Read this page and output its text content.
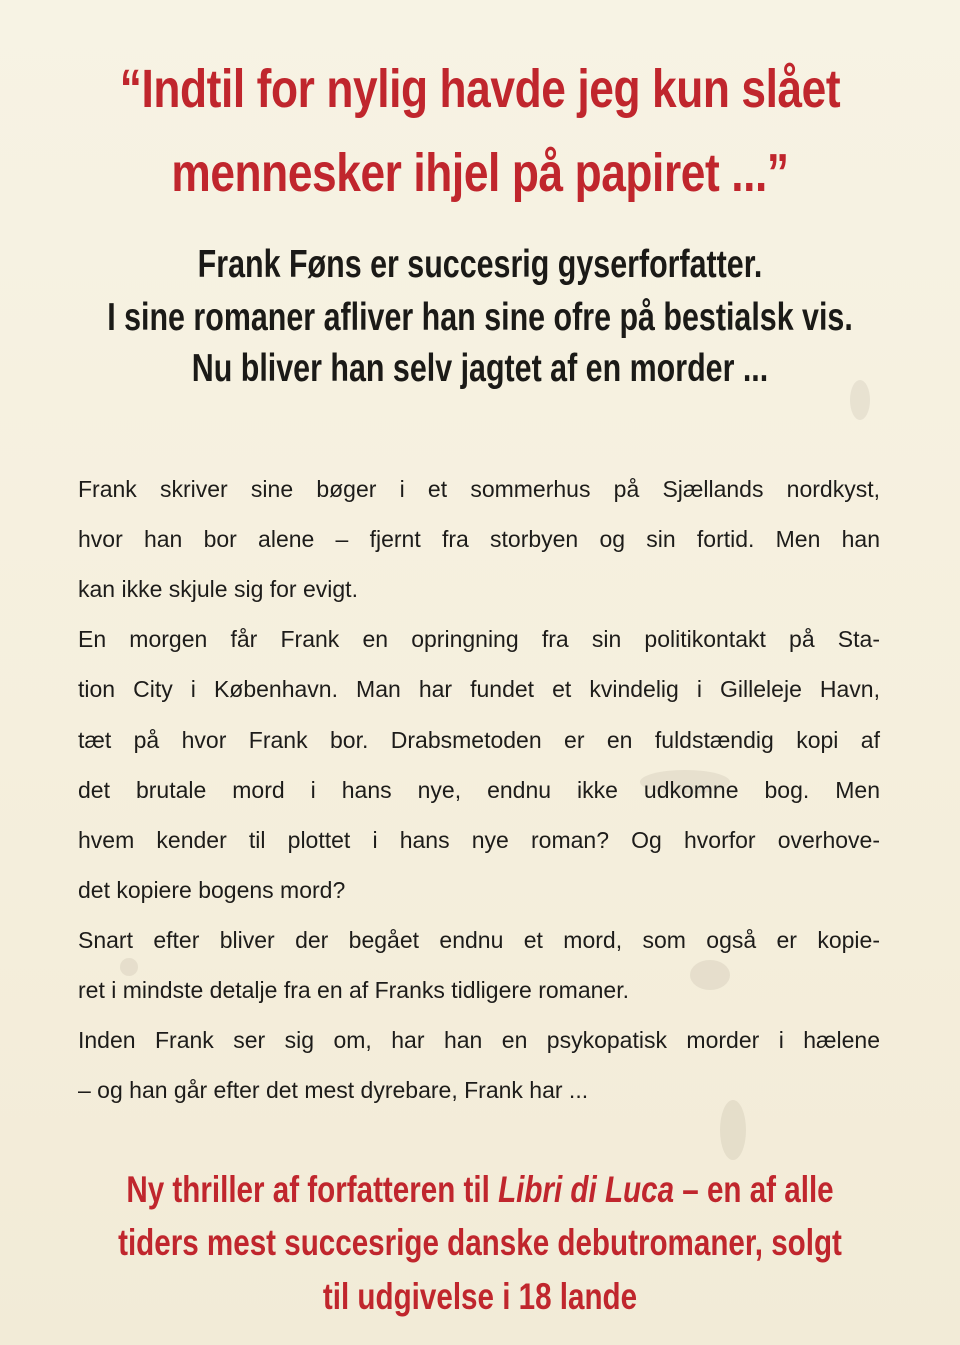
“Indtil for nylig havde jeg kun slået
mennesker ihjel på papiret ...”
Frank Føns er succesrig gyserforfatter.
I sine romaner afliver han sine ofre på bestialsk vis.
Nu bliver han selv jagtet af en morder ...
Frank skriver sine bøger i et sommerhus på Sjællands nordkyst,
hvor han bor alene – fjernt fra storbyen og sin fortid. Men han
kan ikke skjule sig for evigt.
En morgen får Frank en opringning fra sin politikontakt på Sta-
tion City i København. Man har fundet et kvindelig i Gilleleje Havn,
tæt på hvor Frank bor. Drabsmetoden er en fuldstændig kopi af
det brutale mord i hans nye, endnu ikke udkomne bog. Men
hvem kender til plottet i hans nye roman? Og hvorfor overhove-
det kopiere bogens mord?
Snart efter bliver der begået endnu et mord, som også er kopie-
ret i mindste detalje fra en af Franks tidligere romaner.
Inden Frank ser sig om, har han en psykopatisk morder i hælene
– og han går efter det mest dyrebare, Frank har ...
Ny thriller af forfatteren til Libri di Luca – en af alle
tiders mest succesrige danske debutromaner, solgt
til udgivelse i 18 lande
